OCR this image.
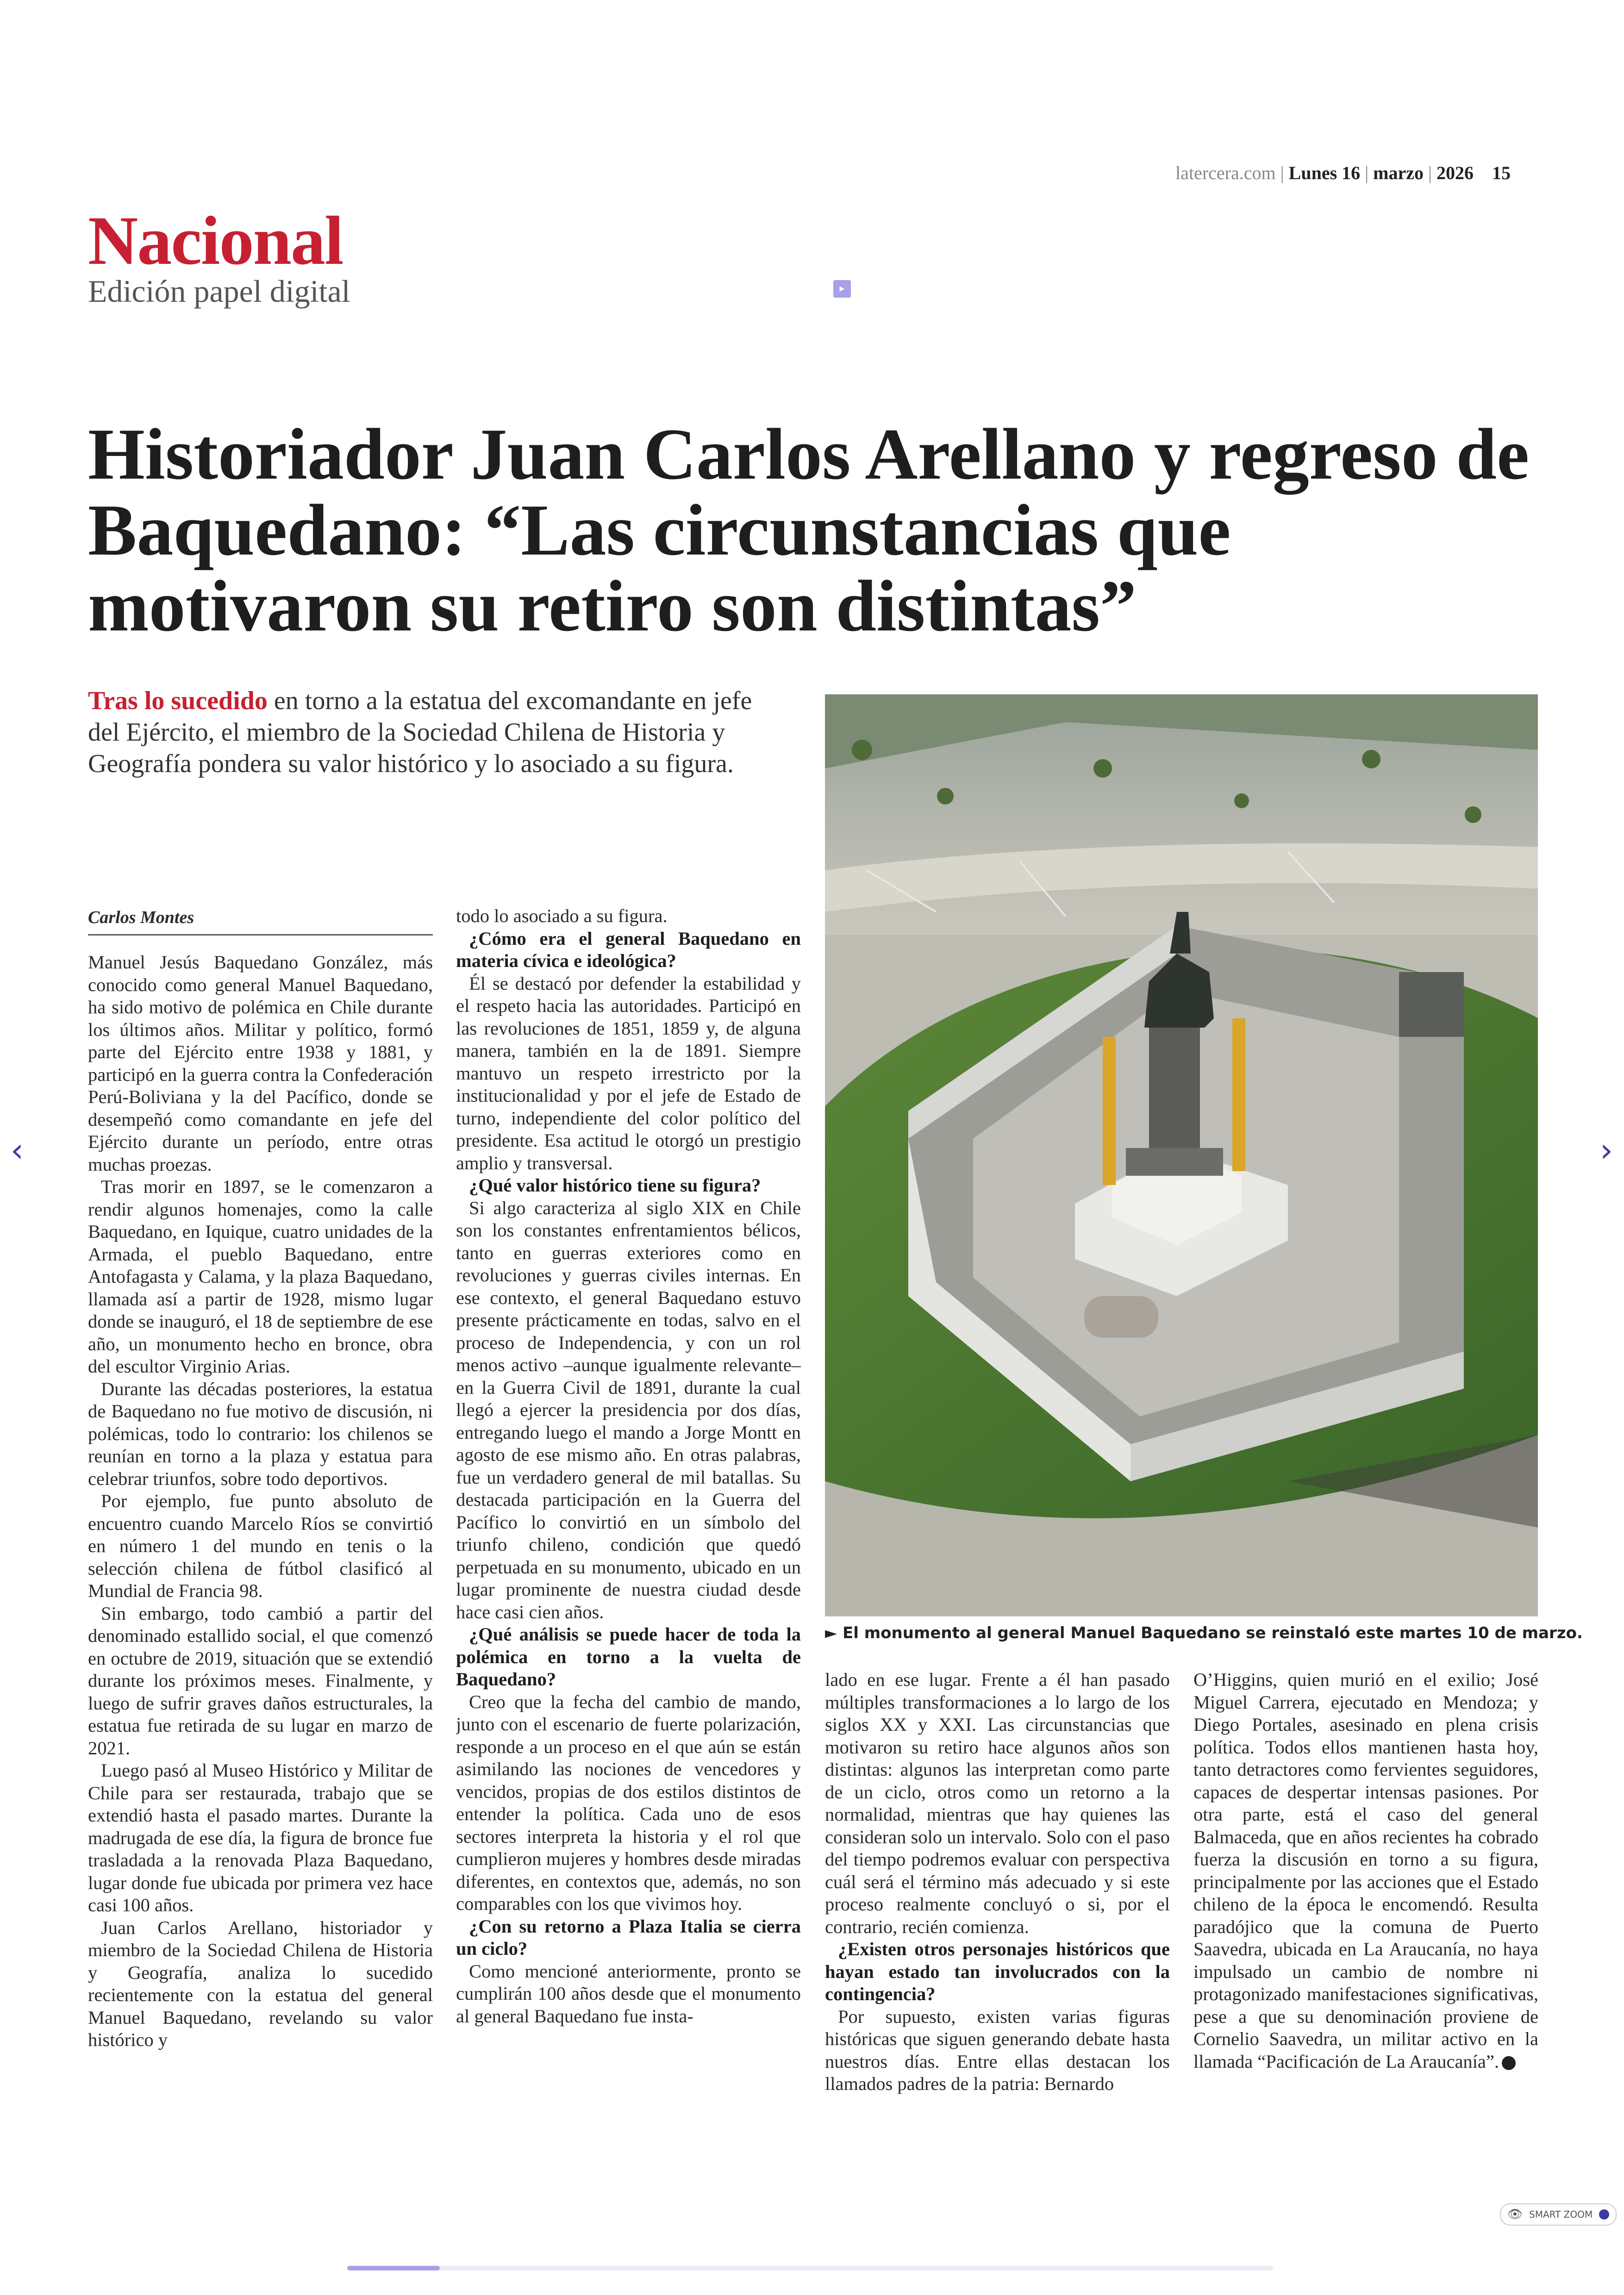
latercera.com | Lunes 16 | marzo | 2026 15
Nacional
Edición papel digital	▸
Historiador Juan Carlos Arellano y regreso de Baquedano: “Las circunstancias que motivaron su retiro son distintas”

Tras lo sucedido en torno a la estatua del excomandante en jefe del Ejército, el miembro de la Sociedad Chilena de Historia y Geografía pondera su valor histórico y lo asociado a su figura.

► El monumento al general Manuel Baquedano se reinstaló este martes 10 de marzo.
Carlos Montes

Manuel Jesús Baquedano González, más conocido como general Manuel Baquedano, ha sido motivo de polémica en Chile durante los últimos años. Militar y político, formó parte del Ejército entre 1938 y 1881, y participó en la guerra contra la Confederación Perú-Boliviana y la del Pacífico, donde se desempeñó como comandante en jefe del Ejército durante un período, entre otras muchas proezas.

Tras morir en 1897, se le comenzaron a rendir algunos homenajes, como la calle Baquedano, en Iquique, cuatro unidades de la Armada, el pueblo Baquedano, entre Antofagasta y Calama, y la plaza Baquedano, llamada así a partir de 1928, mismo lugar donde se inauguró, el 18 de septiembre de ese año, un monumento hecho en bronce, obra del escultor Virginio Arias.

Durante las décadas posteriores, la estatua de Baquedano no fue motivo de discusión, ni polémicas, todo lo contrario: los chilenos se reunían en torno a la plaza y estatua para celebrar triunfos, sobre todo deportivos.

Por ejemplo, fue punto absoluto de encuentro cuando Marcelo Ríos se convirtió en número 1 del mundo en tenis o la selección chilena de fútbol clasificó al Mundial de Francia 98.

Sin embargo, todo cambió a partir del denominado estallido social, el que comenzó en octubre de 2019, situación que se extendió durante los próximos meses. Finalmente, y luego de sufrir graves daños estructurales, la estatua fue retirada de su lugar en marzo de 2021.

Luego pasó al Museo Histórico y Militar de Chile para ser restaurada, trabajo que se extendió hasta el pasado martes. Durante la madrugada de ese día, la figura de bronce fue trasladada a la renovada Plaza Baquedano, lugar donde fue ubicada por primera vez hace casi 100 años.

Juan Carlos Arellano, historiador y miembro de la Sociedad Chilena de Historia y Geografía, analiza lo sucedido recientemente con la estatua del general Manuel Baquedano, revelando su valor histórico y

todo lo asociado a su figura.

¿Cómo era el general Baquedano en materia cívica e ideológica?

Él se destacó por defender la estabilidad y el respeto hacia las autoridades. Participó en las revoluciones de 1851, 1859 y, de alguna manera, también en la de 1891. Siempre mantuvo un respeto irrestricto por la institucionalidad y por el jefe de Estado de turno, independiente del color político del presidente. Esa actitud le otorgó un prestigio amplio y transversal.

¿Qué valor histórico tiene su figura?

Si algo caracteriza al siglo XIX en Chile son los constantes enfrentamientos bélicos, tanto en guerras exteriores como en revoluciones y guerras civiles internas. En ese contexto, el general Baquedano estuvo presente prácticamente en todas, salvo en el proceso de Independencia, y con un rol menos activo –aunque igualmente relevante– en la Guerra Civil de 1891, durante la cual llegó a ejercer la presidencia por dos días, entregando luego el mando a Jorge Montt en agosto de ese mismo año. En otras palabras, fue un verdadero general de mil batallas. Su destacada participación en la Guerra del Pacífico lo convirtió en un símbolo del triunfo chileno, condición que quedó perpetuada en su monumento, ubicado en un lugar prominente de nuestra ciudad desde hace casi cien años.

¿Qué análisis se puede hacer de toda la polémica en torno a la vuelta de Baquedano?

Creo que la fecha del cambio de mando, junto con el escenario de fuerte polarización, responde a un proceso en el que aún se están asimilando las nociones de vencedores y vencidos, propias de dos estilos distintos de entender la política. Cada uno de esos sectores interpreta la historia y el rol que cumplieron mujeres y hombres desde miradas diferentes, en contextos que, además, no son comparables con los que vivimos hoy.

¿Con su retorno a Plaza Italia se cierra un ciclo?

Como mencioné anteriormente, pronto se cumplirán 100 años desde que el monumento al general Baquedano fue insta-

lado en ese lugar. Frente a él han pasado múltiples transformaciones a lo largo de los siglos XX y XXI. Las circunstancias que motivaron su retiro hace algunos años son distintas: algunos las interpretan como parte de un ciclo, otros como un retorno a la normalidad, mientras que hay quienes las consideran solo un intervalo. Solo con el paso del tiempo podremos evaluar con perspectiva cuál será el término más adecuado y si este proceso realmente concluyó o si, por el contrario, recién comienza.

¿Existen otros personajes históricos que hayan estado tan involucrados con la contingencia?

Por supuesto, existen varias figuras históricas que siguen generando debate hasta nuestros días. Entre ellas destacan los llamados padres de la patria: Bernardo

O’Higgins, quien murió en el exilio; José Miguel Carrera, ejecutado en Mendoza; y Diego Portales, asesinado en plena crisis política. Todos ellos mantienen hasta hoy, tanto detractores como fervientes seguidores, capaces de despertar intensas pasiones. Por otra parte, está el caso del general Balmaceda, que en años recientes ha cobrado fuerza la discusión en torno a su figura, principalmente por las acciones que el Estado chileno de la época le encomendó. Resulta paradójico que la comuna de Puerto Saavedra, ubicada en La Araucanía, no haya impulsado un cambio de nombre ni protagonizado manifestaciones significativas, pese a que su denominación proviene de Cornelio Saavedra, un militar activo en la llamada “Pacificación de La Araucanía”.

‹	›
👁 SMART ZOOM
